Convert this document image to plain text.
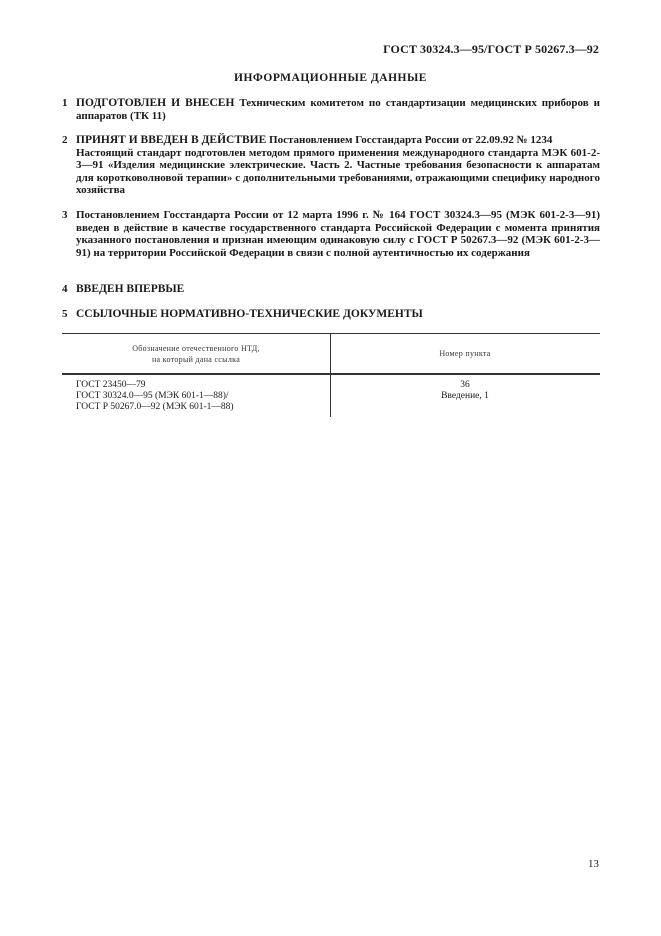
ГОСТ 30324.3—95/ГОСТ Р 50267.3—92
ИНФОРМАЦИОННЫЕ ДАННЫЕ
1 ПОДГОТОВЛЕН И ВНЕСЕН Техническим комитетом по стандартизации медицинских приборов и аппаратов (ТК 11)
2 ПРИНЯТ И ВВЕДЕН В ДЕЙСТВИЕ Постановлением Госстандарта России от 22.09.92 № 1234
Настоящий стандарт подготовлен методом прямого применения международного стандарта МЭК 601-2-3—91 «Изделия медицинские электрические. Часть 2. Частные требования безопасности к аппаратам для коротковолновой терапии» с дополнительными требованиями, отражающими специфику народного хозяйства
3 Постановлением Госстандарта России от 12 марта 1996 г. № 164 ГОСТ 30324.3—95 (МЭК 601-2-3—91) введен в действие в качестве государственного стандарта Российской Федерации с момента принятия указанного постановления и признан имеющим одинаковую силу с ГОСТ Р 50267.3—92 (МЭК 601-2-3—91) на территории Российской Федерации в связи с полной аутентичностью их содержания
4 ВВЕДЕН ВПЕРВЫЕ
5 ССЫЛОЧНЫЕ НОРМАТИВНО-ТЕХНИЧЕСКИЕ ДОКУМЕНТЫ
Обозначение отечественного НТД,
на который дана ссылка
Номер пункта
ГОСТ 23450—79
ГОСТ 30324.0—95 (МЭК 601-1—88)/
ГОСТ Р 50267.0—92 (МЭК 601-1—88)
36
Введение, 1
13
